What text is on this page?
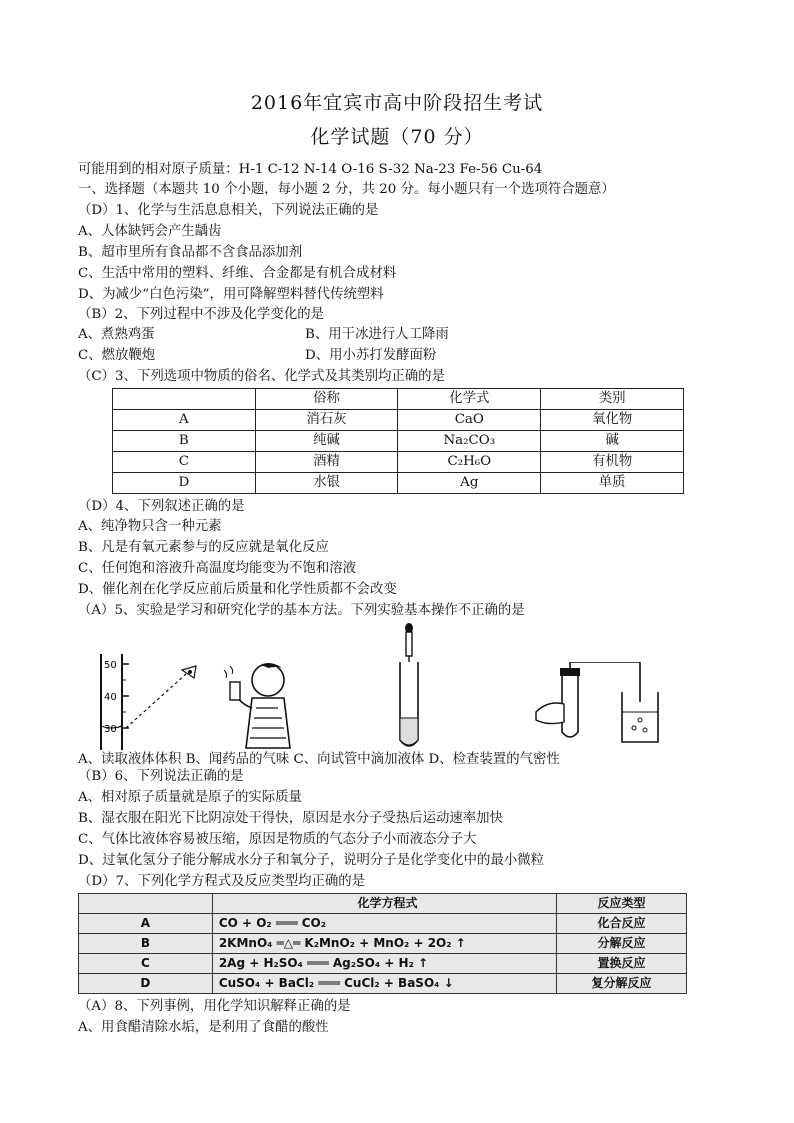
2016年宜宾市高中阶段招生考试
化学试题（70 分）
可能用到的相对原子质量：H-1 C-12 N-14 O-16 S-32 Na-23 Fe-56 Cu-64
一、选择题（本题共 10 个小题，每小题 2 分，共 20 分。每小题只有一个选项符合题意）
（D）1、化学与生活息息相关，下列说法正确的是
A、人体缺钙会产生龋齿
B、超市里所有食品都不含食品添加剂
C、生活中常用的塑料、纤维、合金都是有机合成材料
D、为减少“白色污染”，用可降解塑料替代传统塑料
（B）2、下列过程中不涉及化学变化的是
A、煮熟鸡蛋	B、用干冰进行人工降雨
C、燃放鞭炮	D、用小苏打发酵面粉
（C）3、下列选项中物质的俗名、化学式及其类别均正确的是
	俗称	化学式	类别
A	消石灰	CaO	氧化物
B	纯碱	Na₂CO₃	碱
C	酒精	C₂H₆O	有机物
D	水银	Ag	单质
（D）4、下列叙述正确的是
A、纯净物只含一种元素
B、凡是有氧元素参与的反应就是氧化反应
C、任何饱和溶液升高温度均能变为不饱和溶液
D、催化剂在化学反应前后质量和化学性质都不会改变
（A）5、实验是学习和研究化学的基本方法。下列实验基本操作不正确的是
50
40
30
A、读取液体体积 B、闻药品的气味 C、向试管中滴加液体 D、检查装置的气密性
（B）6、下列说法正确的是
A、相对原子质量就是原子的实际质量
B、湿衣服在阳光下比阴凉处干得快，原因是水分子受热后运动速率加快
C、气体比液体容易被压缩，原因是物质的气态分子小而液态分子大
D、过氧化氢分子能分解成水分子和氧分子，说明分子是化学变化中的最小微粒
（D）7、下列化学方程式及反应类型均正确的是
	化学方程式	反应类型
A	CO + O₂ ═══ CO₂	化合反应
B	2KMnO₄ ═△═ K₂MnO₂ + MnO₂ + 2O₂ ↑	分解反应
C	2Ag + H₂SO₄ ═══ Ag₂SO₄ + H₂ ↑	置换反应
D	CuSO₄ + BaCl₂ ═══ CuCl₂ + BaSO₄ ↓	复分解反应
（A）8、下列事例，用化学知识解释正确的是
A、用食醋清除水垢，是利用了食醋的酸性
